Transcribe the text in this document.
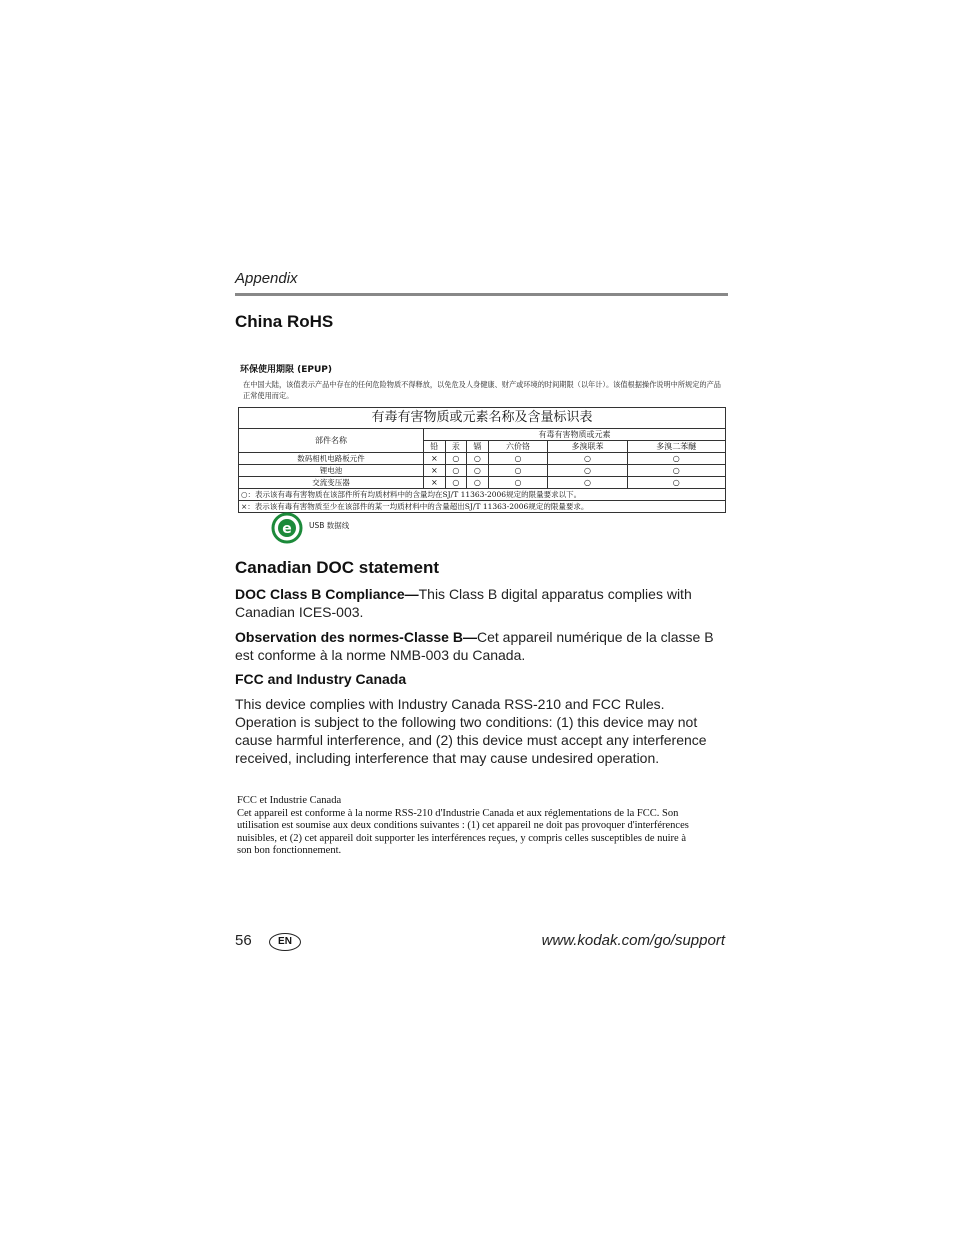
Appendix
China RoHS
环保使用期限 (EPUP)
在中国大陆，该值表示产品中存在的任何危险物质不得释放，以免危及人身健康、财产或环境的时间期限（以年计）。该值根据操作说明中所规定的产品正常使用而定。
有毒有害物质或元素名称及含量标识表						
部件名称	有毒有害物质或元素					
	铅	汞	镉	六价铬	多溴联苯	多溴二苯醚
数码相机电路板元件	×	○	○	○	○	○
锂电池	×	○	○	○	○	○
交流变压器	×	○	○	○	○	○
○：表示该有毒有害物质在该部件所有均质材料中的含量均在SJ/T 11363-2006规定的限量要求以下。						
×：表示该有毒有害物质至少在该部件的某一均质材料中的含量超出SJ/T 11363-2006规定的限量要求。						
e USB 数据线
Canadian DOC statement

DOC Class B Compliance—This Class B digital apparatus complies with Canadian ICES-003.

Observation des normes-Classe B—Cet appareil numérique de la classe B est conforme à la norme NMB-003 du Canada.

FCC and Industry Canada

This device complies with Industry Canada RSS-210 and FCC Rules. Operation is subject to the following two conditions: (1) this device may not cause harmful interference, and (2) this device must accept any interference received, including interference that may cause undesired operation.

FCC et Industrie Canada
Cet appareil est conforme à la norme RSS-210 d'Industrie Canada et aux réglementations de la FCC. Son
utilisation est soumise aux deux conditions suivantes : (1) cet appareil ne doit pas provoquer d'interférences
nuisibles, et (2) cet appareil doit supporter les interférences reçues, y compris celles susceptibles de nuire à
son bon fonctionnement.
56	EN	www.kodak.com/go/support
